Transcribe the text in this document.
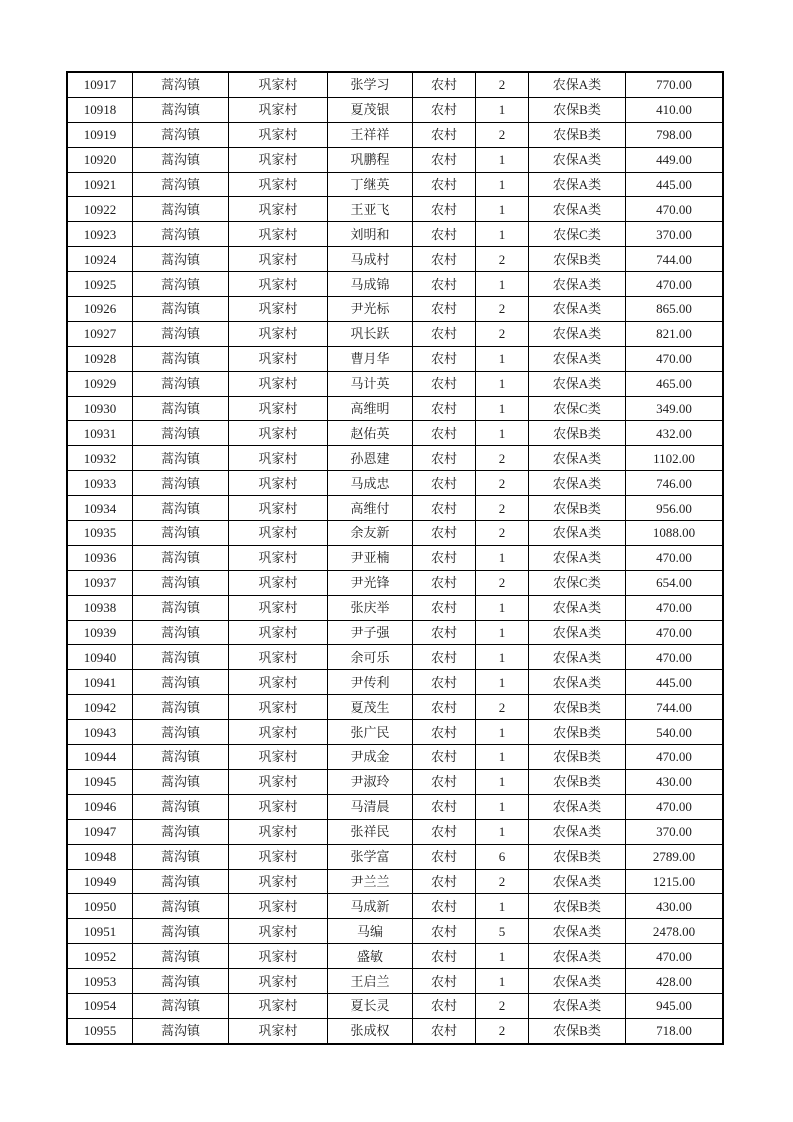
10917	蒿沟镇	巩家村	张学习	农村	2	农保A类	770.00
10918	蒿沟镇	巩家村	夏茂银	农村	1	农保B类	410.00
10919	蒿沟镇	巩家村	王祥祥	农村	2	农保B类	798.00
10920	蒿沟镇	巩家村	巩鹏程	农村	1	农保A类	449.00
10921	蒿沟镇	巩家村	丁继英	农村	1	农保A类	445.00
10922	蒿沟镇	巩家村	王亚飞	农村	1	农保A类	470.00
10923	蒿沟镇	巩家村	刘明和	农村	1	农保C类	370.00
10924	蒿沟镇	巩家村	马成村	农村	2	农保B类	744.00
10925	蒿沟镇	巩家村	马成锦	农村	1	农保A类	470.00
10926	蒿沟镇	巩家村	尹光标	农村	2	农保A类	865.00
10927	蒿沟镇	巩家村	巩长跃	农村	2	农保A类	821.00
10928	蒿沟镇	巩家村	曹月华	农村	1	农保A类	470.00
10929	蒿沟镇	巩家村	马计英	农村	1	农保A类	465.00
10930	蒿沟镇	巩家村	高维明	农村	1	农保C类	349.00
10931	蒿沟镇	巩家村	赵佑英	农村	1	农保B类	432.00
10932	蒿沟镇	巩家村	孙恩建	农村	2	农保A类	1102.00
10933	蒿沟镇	巩家村	马成忠	农村	2	农保A类	746.00
10934	蒿沟镇	巩家村	高维付	农村	2	农保B类	956.00
10935	蒿沟镇	巩家村	余友新	农村	2	农保A类	1088.00
10936	蒿沟镇	巩家村	尹亚楠	农村	1	农保A类	470.00
10937	蒿沟镇	巩家村	尹光锋	农村	2	农保C类	654.00
10938	蒿沟镇	巩家村	张庆举	农村	1	农保A类	470.00
10939	蒿沟镇	巩家村	尹子强	农村	1	农保A类	470.00
10940	蒿沟镇	巩家村	余可乐	农村	1	农保A类	470.00
10941	蒿沟镇	巩家村	尹传利	农村	1	农保A类	445.00
10942	蒿沟镇	巩家村	夏茂生	农村	2	农保B类	744.00
10943	蒿沟镇	巩家村	张广民	农村	1	农保B类	540.00
10944	蒿沟镇	巩家村	尹成金	农村	1	农保B类	470.00
10945	蒿沟镇	巩家村	尹淑玲	农村	1	农保B类	430.00
10946	蒿沟镇	巩家村	马清晨	农村	1	农保A类	470.00
10947	蒿沟镇	巩家村	张祥民	农村	1	农保A类	370.00
10948	蒿沟镇	巩家村	张学富	农村	6	农保B类	2789.00
10949	蒿沟镇	巩家村	尹兰兰	农村	2	农保A类	1215.00
10950	蒿沟镇	巩家村	马成新	农村	1	农保B类	430.00
10951	蒿沟镇	巩家村	马编	农村	5	农保A类	2478.00
10952	蒿沟镇	巩家村	盛敏	农村	1	农保A类	470.00
10953	蒿沟镇	巩家村	王启兰	农村	1	农保A类	428.00
10954	蒿沟镇	巩家村	夏长灵	农村	2	农保A类	945.00
10955	蒿沟镇	巩家村	张成权	农村	2	农保B类	718.00
